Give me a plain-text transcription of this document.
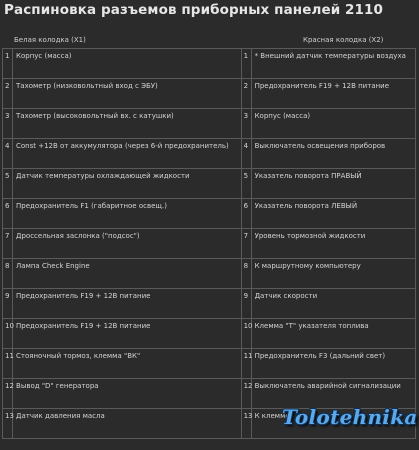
Распиновка разъемов приборных панелей 2110
Белая колодка (X1)	Красная колодка (X2)
1	Корпус (масса)	1	* Внешний датчик температуры воздуха
2	Тахометр (низковольтный вход с ЭБУ)	2	Предохранитель F19 + 12В питание
3	Тахометр (высоковольтный вх. с катушки)	3	Корпус (масса)
4	Const +12В от аккумулятора (через 6-й предохранитель)	4	Выключатель освещения приборов
5	Датчик температуры охлаждающей жидкости	5	Указатель поворота ПРАВЫЙ
6	Предохранитель F1 (габаритное освещ.)	6	Указатель поворота ЛЕВЫЙ
7	Дроссельная заслонка ("подсос")	7	Уровень тормозной жидкости
8	Лампа Check Engine	8	К маршрутному компьютеру
9	Предохранитель F19 + 12В питание	9	Датчик скорости
10	Предохранитель F19 + 12В питание	10	Клемма "Т" указателя топлива
11	Стояночный тормоз, клемма "ВК"	11	Предохранитель F3 (дальний свет)
12	Вывод "D" генератора	12	Выключатель аварийной сигнализации
13	Датчик давления масла	13	К клемме
Tolotehnika
